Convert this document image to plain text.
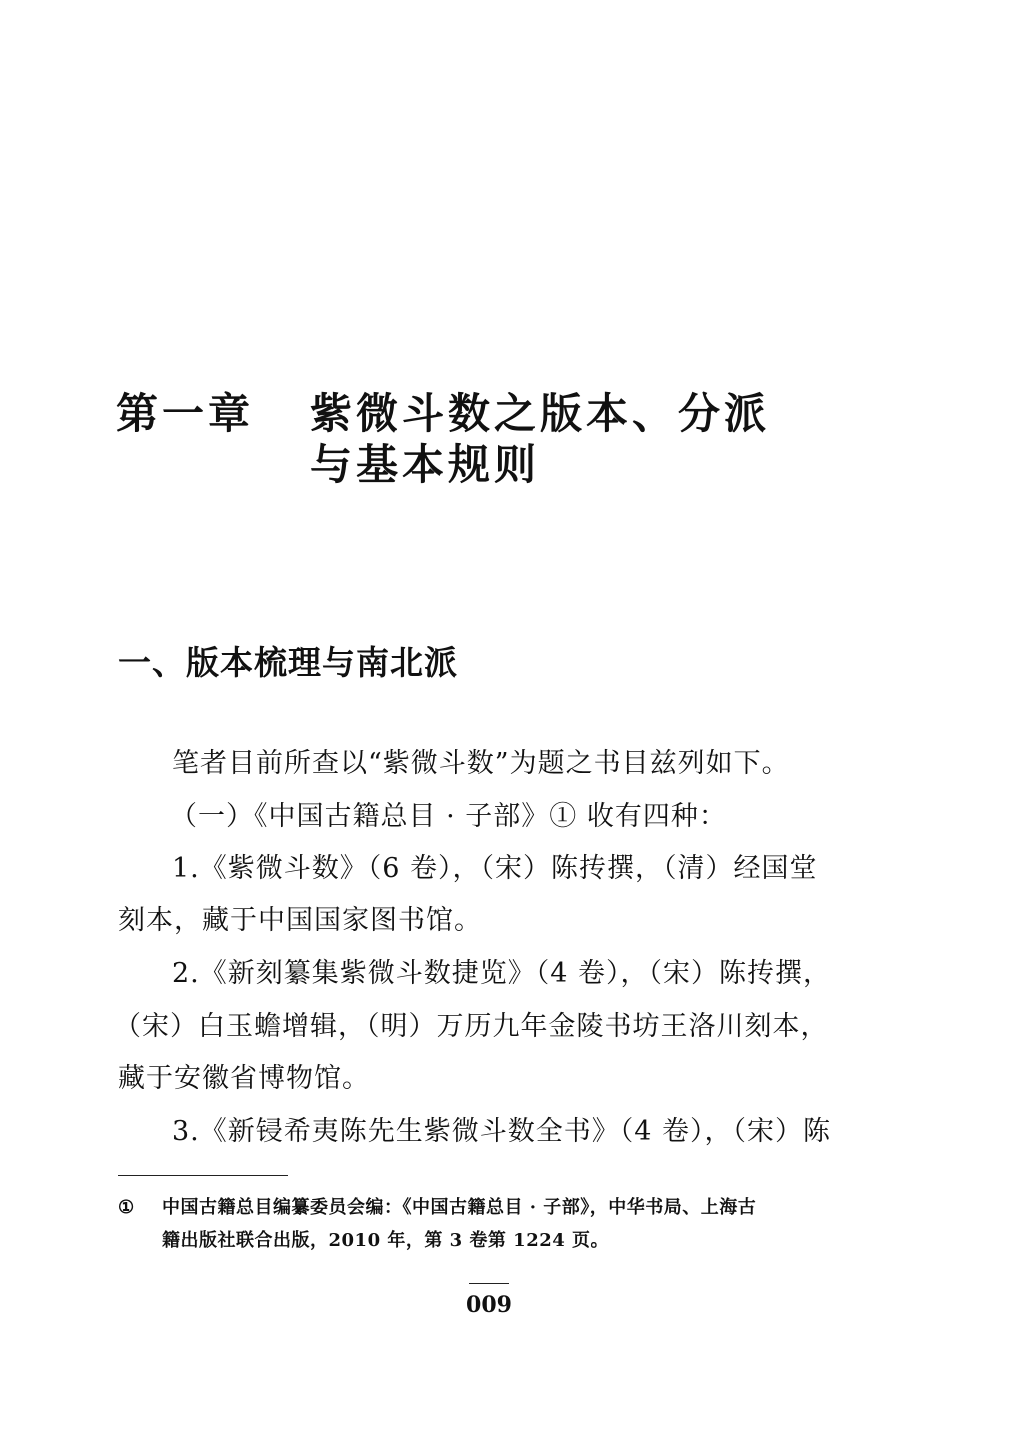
第一章 紫微斗数之版本、分派
与基本规则
一、版本梳理与南北派
笔者目前所查以“紫微斗数”为题之书目兹列如下。
（一）《中国古籍总目 · 子部》① 收有四种：
1.《紫微斗数》（6 卷），（宋）陈抟撰，（清）经国堂
刻本，藏于中国国家图书馆。
2.《新刻纂集紫微斗数捷览》（4 卷），（宋）陈抟撰，
（宋）白玉蟾增辑，（明）万历九年金陵书坊王洛川刻本，
藏于安徽省博物馆。
3.《新锓希夷陈先生紫微斗数全书》（4 卷），（宋）陈
① 中国古籍总目编纂委员会编：《中国古籍总目 · 子部》，中华书局、上海古
籍出版社联合出版，2010 年，第 3 卷第 1224 页。
009
